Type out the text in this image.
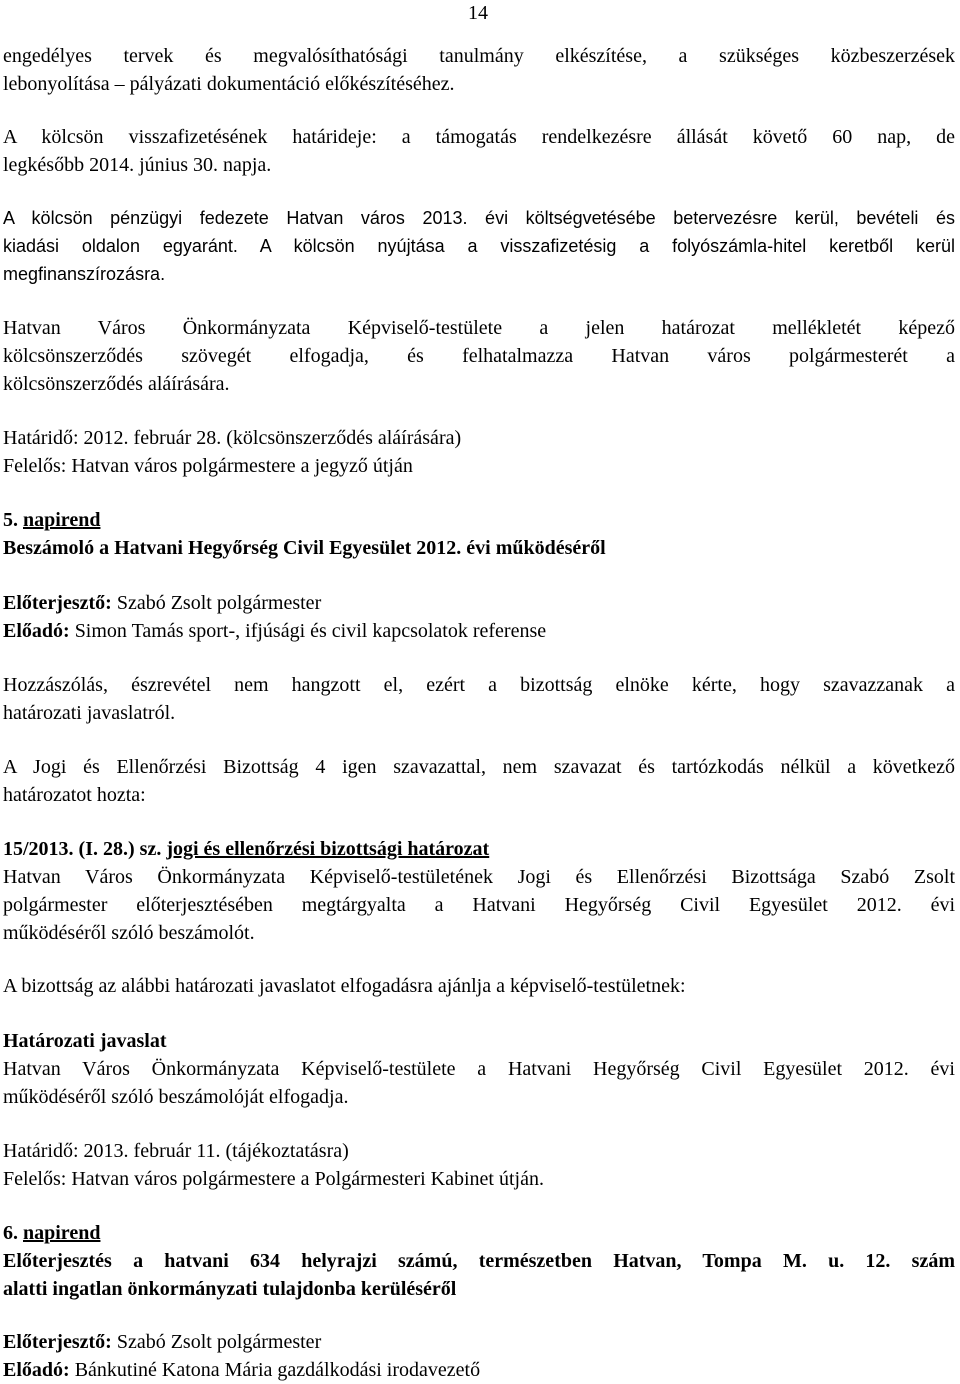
14
engedélyes tervek és megvalósíthatósági tanulmány elkészítése, a szükséges közbeszerzések
lebonyolítása – pályázati dokumentáció előkészítéséhez.
A kölcsön visszafizetésének határideje: a támogatás rendelkezésre állását követő 60 nap, de
legkésőbb 2014. június 30. napja.
A kölcsön pénzügyi fedezete Hatvan város 2013. évi költségvetésébe betervezésre kerül, bevételi és
kiadási oldalon egyaránt. A kölcsön nyújtása a visszafizetésig a folyószámla-hitel keretből kerül
megfinanszírozásra.
Hatvan Város Önkormányzata Képviselő-testülete a jelen határozat mellékletét képező
kölcsönszerződés szövegét elfogadja, és felhatalmazza Hatvan város polgármesterét a
kölcsönszerződés aláírására.
Határidő: 2012. február 28. (kölcsönszerződés aláírására)
Felelős: Hatvan város polgármestere a jegyző útján
5. napirend
Beszámoló a Hatvani Hegyőrség Civil Egyesület 2012. évi működéséről
Előterjesztő: Szabó Zsolt polgármester
Előadó: Simon Tamás sport-, ifjúsági és civil kapcsolatok referense
Hozzászólás, észrevétel nem hangzott el, ezért a bizottság elnöke kérte, hogy szavazzanak a
határozati javaslatról.
A Jogi és Ellenőrzési Bizottság 4 igen szavazattal, nem szavazat és tartózkodás nélkül a következő
határozatot hozta:
15/2013. (I. 28.) sz. jogi és ellenőrzési bizottsági határozat
Hatvan Város Önkormányzata Képviselő-testületének Jogi és Ellenőrzési Bizottsága Szabó Zsolt
polgármester előterjesztésében megtárgyalta a Hatvani Hegyőrség Civil Egyesület 2012. évi
működéséről szóló beszámolót.
A bizottság az alábbi határozati javaslatot elfogadásra ajánlja a képviselő-testületnek:
Határozati javaslat
Hatvan Város Önkormányzata Képviselő-testülete a Hatvani Hegyőrség Civil Egyesület 2012. évi
működéséről szóló beszámolóját elfogadja.
Határidő: 2013. február 11. (tájékoztatásra)
Felelős: Hatvan város polgármestere a Polgármesteri Kabinet útján.
6. napirend
Előterjesztés a hatvani 634 helyrajzi számú, természetben Hatvan, Tompa M. u. 12. szám
alatti ingatlan önkormányzati tulajdonba kerüléséről
Előterjesztő: Szabó Zsolt polgármester
Előadó: Bánkutiné Katona Mária gazdálkodási irodavezető
